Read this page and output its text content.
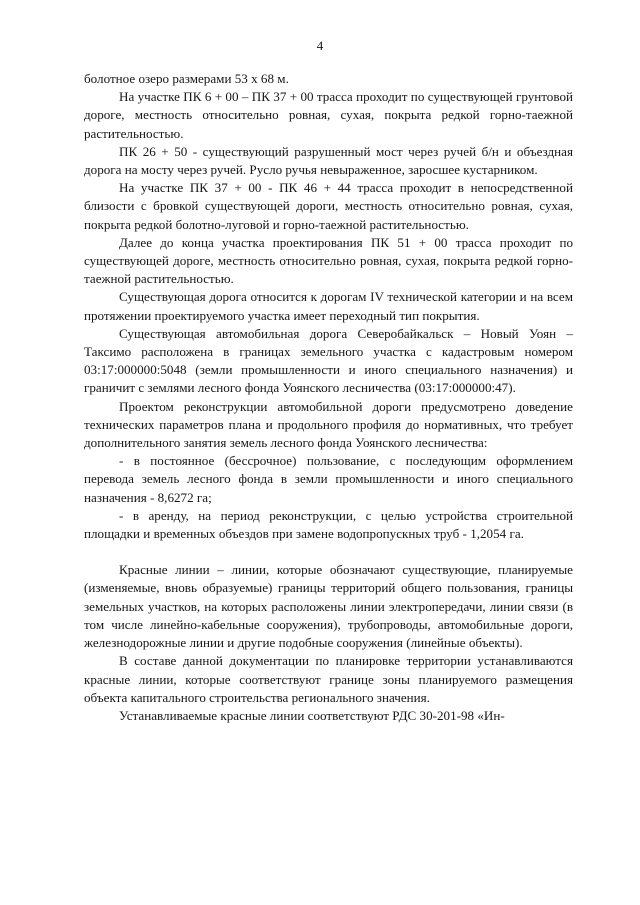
4

болотное озеро размерами 53 х 68 м.

На участке ПК 6 + 00 – ПК 37 + 00 трасса проходит по существующей грунтовой дороге, местность относительно ровная, сухая, покрыта редкой горно-таежной растительностью.

ПК 26 + 50 - существующий разрушенный мост через ручей б/н и объездная дорога на мосту через ручей. Русло ручья невыраженное, заросшее кустарником.

На участке ПК 37 + 00 - ПК 46 + 44 трасса проходит в непосредственной близости с бровкой существующей дороги, местность относительно ровная, сухая, покрыта редкой болотно-луговой и горно-таежной растительностью.

Далее до конца участка проектирования ПК 51 + 00 трасса проходит по существующей дороге, местность относительно ровная, сухая, покрыта редкой горно-таежной растительностью.

Существующая дорога относится к дорогам IV технической категории и на всем протяжении проектируемого участка имеет переходный тип покрытия.

Существующая автомобильная дорога Северобайкальск – Новый Уоян – Таксимо расположена в границах земельного участка с кадастровым номером 03:17:000000:5048 (земли промышленности и иного специального назначения) и граничит с землями лесного фонда Уоянского лесничества (03:17:000000:47).

Проектом реконструкции автомобильной дороги предусмотрено доведение технических параметров плана и продольного профиля до нормативных, что требует дополнительного занятия земель лесного фонда Уоянского лесничества:

- в постоянное (бессрочное) пользование, с последующим оформлением перевода земель лесного фонда в земли промышленности и иного специального назначения - 8,6272 га;

- в аренду, на период реконструкции, с целью устройства строительной площадки и временных объездов при замене водопропускных труб - 1,2054 га.

Красные линии – линии, которые обозначают существующие, планируемые (изменяемые, вновь образуемые) границы территорий общего пользования, границы земельных участков, на которых расположены линии электропередачи, линии связи (в том числе линейно-кабельные сооружения), трубопроводы, автомобильные дороги, железнодорожные линии и другие подобные сооружения (линейные объекты).

В составе данной документации по планировке территории устанавливаются красные линии, которые соответствуют границе зоны планируемого размещения объекта капитального строительства регионального значения.

Устанавливаемые красные линии соответствуют РДС 30-201-98 «Ин-
